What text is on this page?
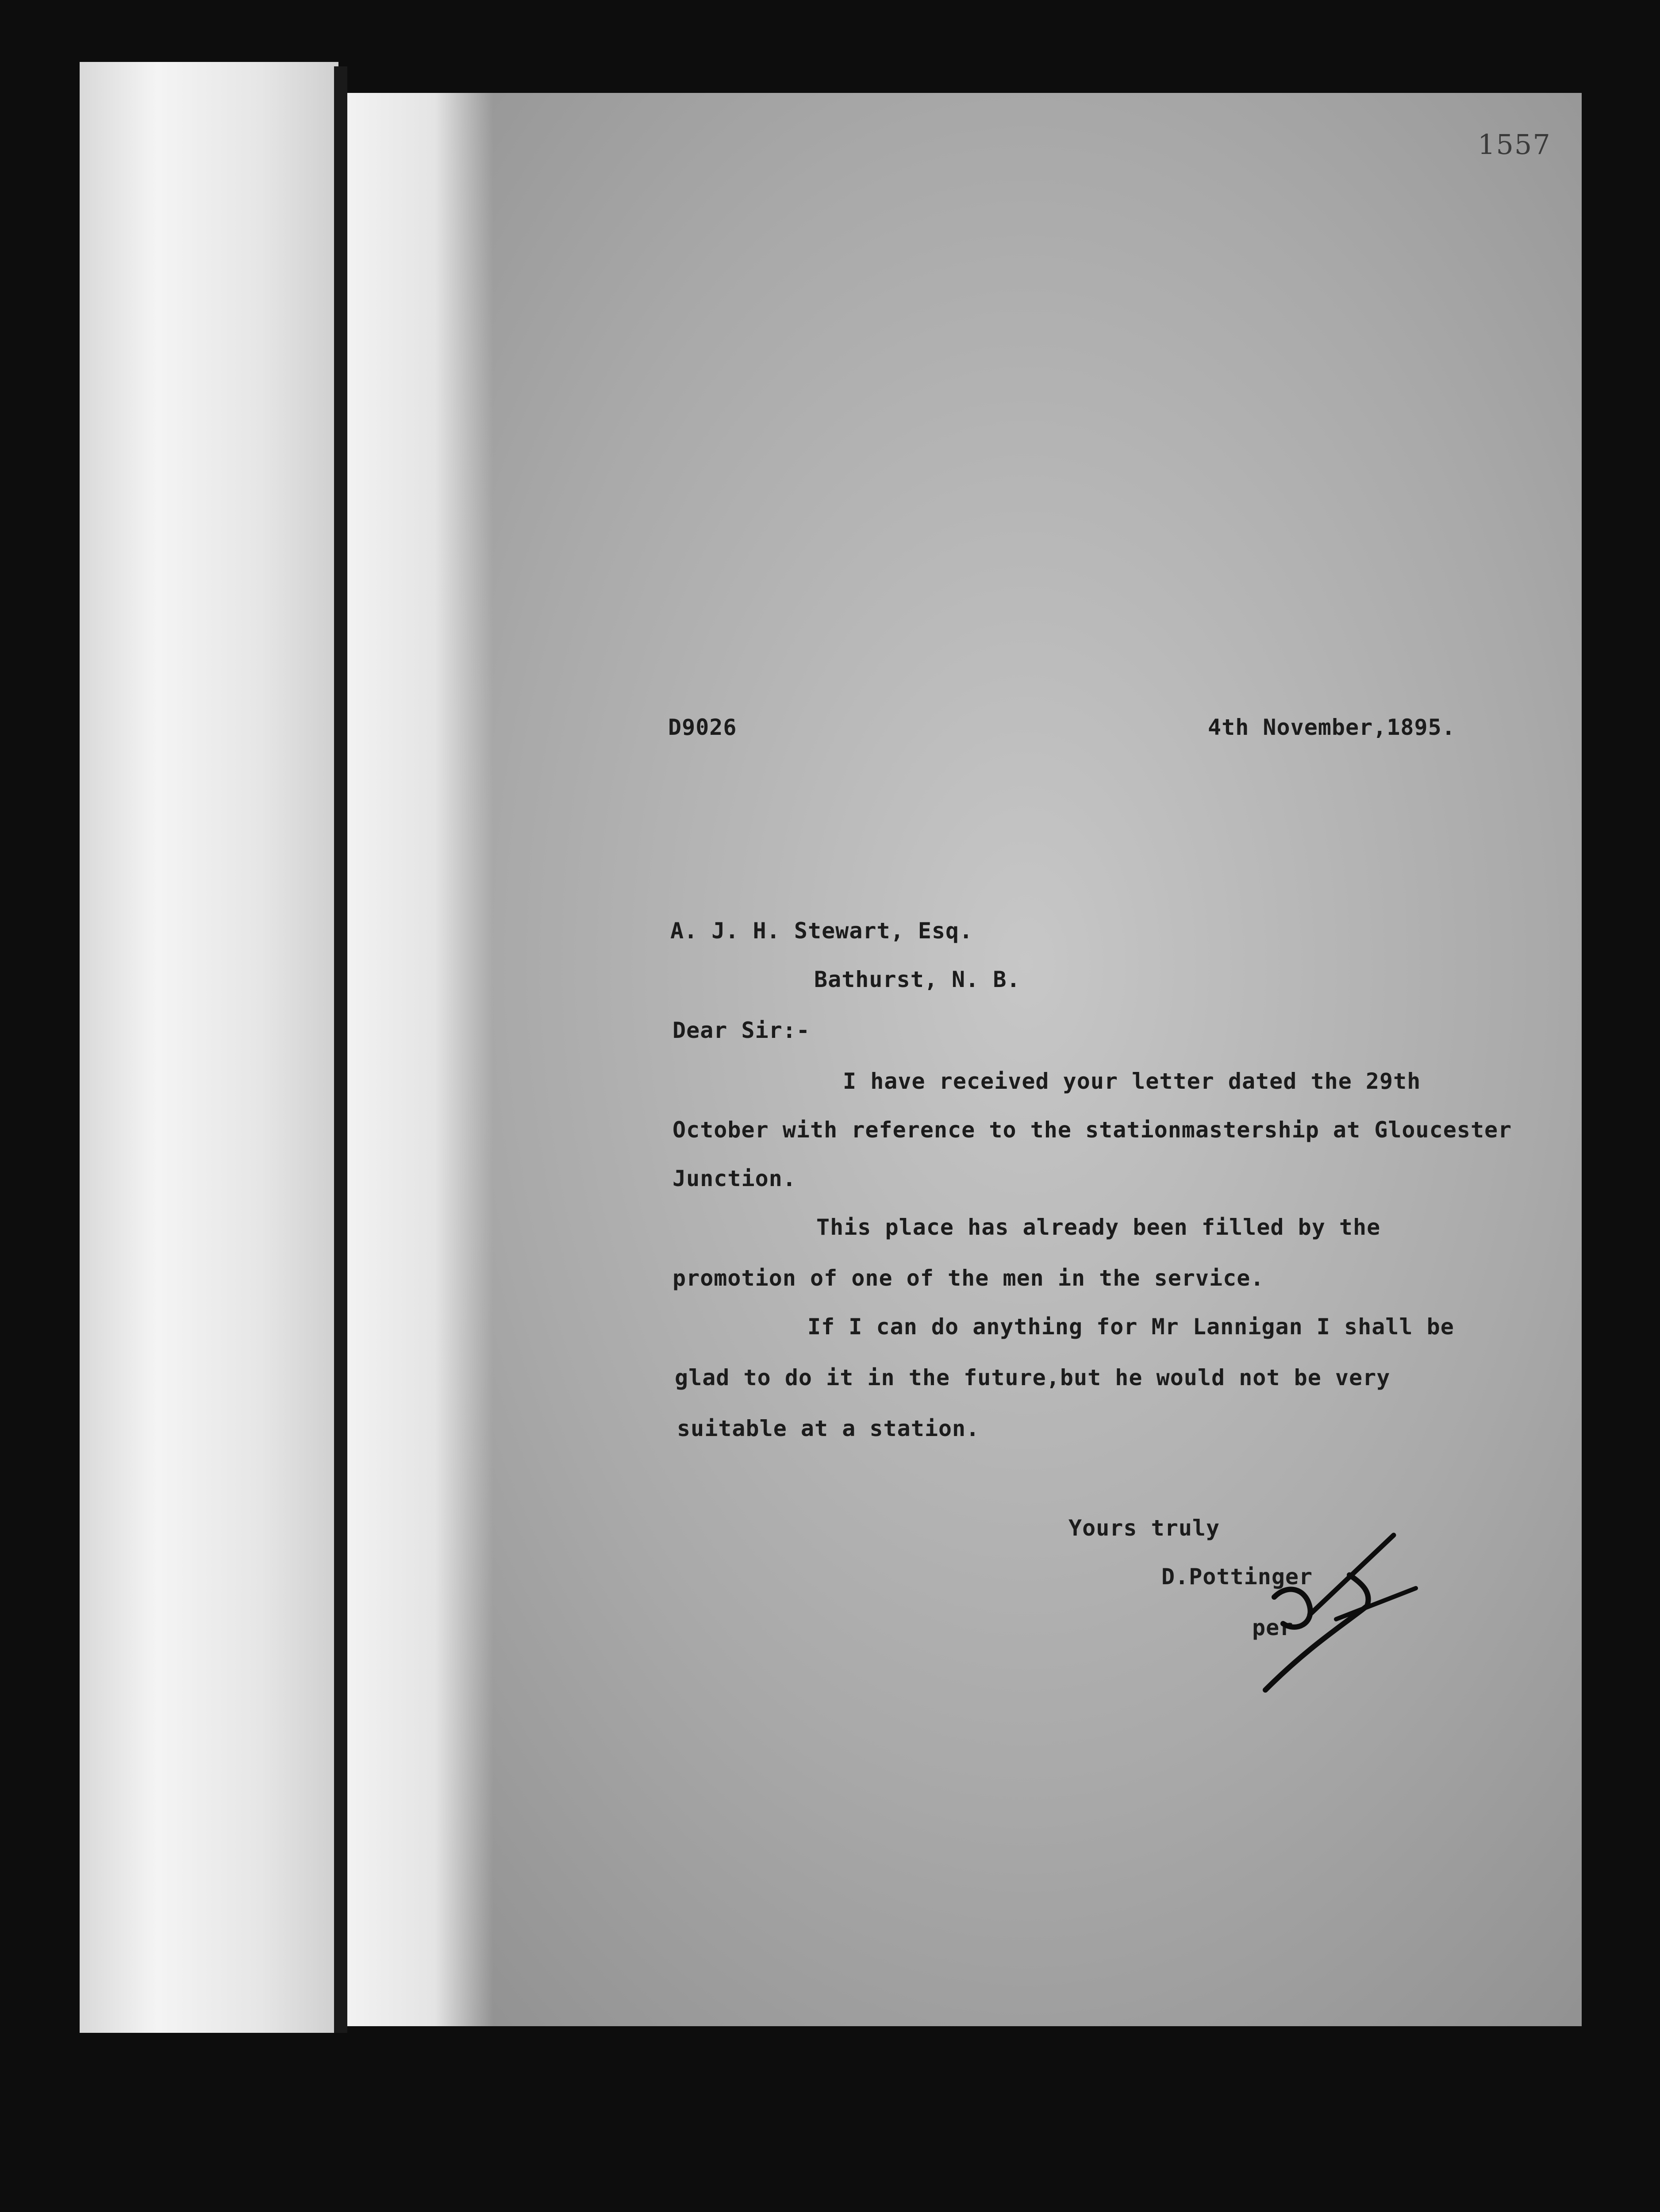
1557
D9026	4th November,1895.
A. J. H. Stewart, Esq.
Bathurst, N. B.
Dear Sir:-
I have received your letter dated the 29th
October with reference to the stationmastership at Gloucester
Junction.
This place has already been filled by the
promotion of one of the men in the service.
If I can do anything for Mr Lannigan I shall be
glad to do it in the future,but he would not be very
suitable at a station.
Yours truly
D.Pottinger
per
